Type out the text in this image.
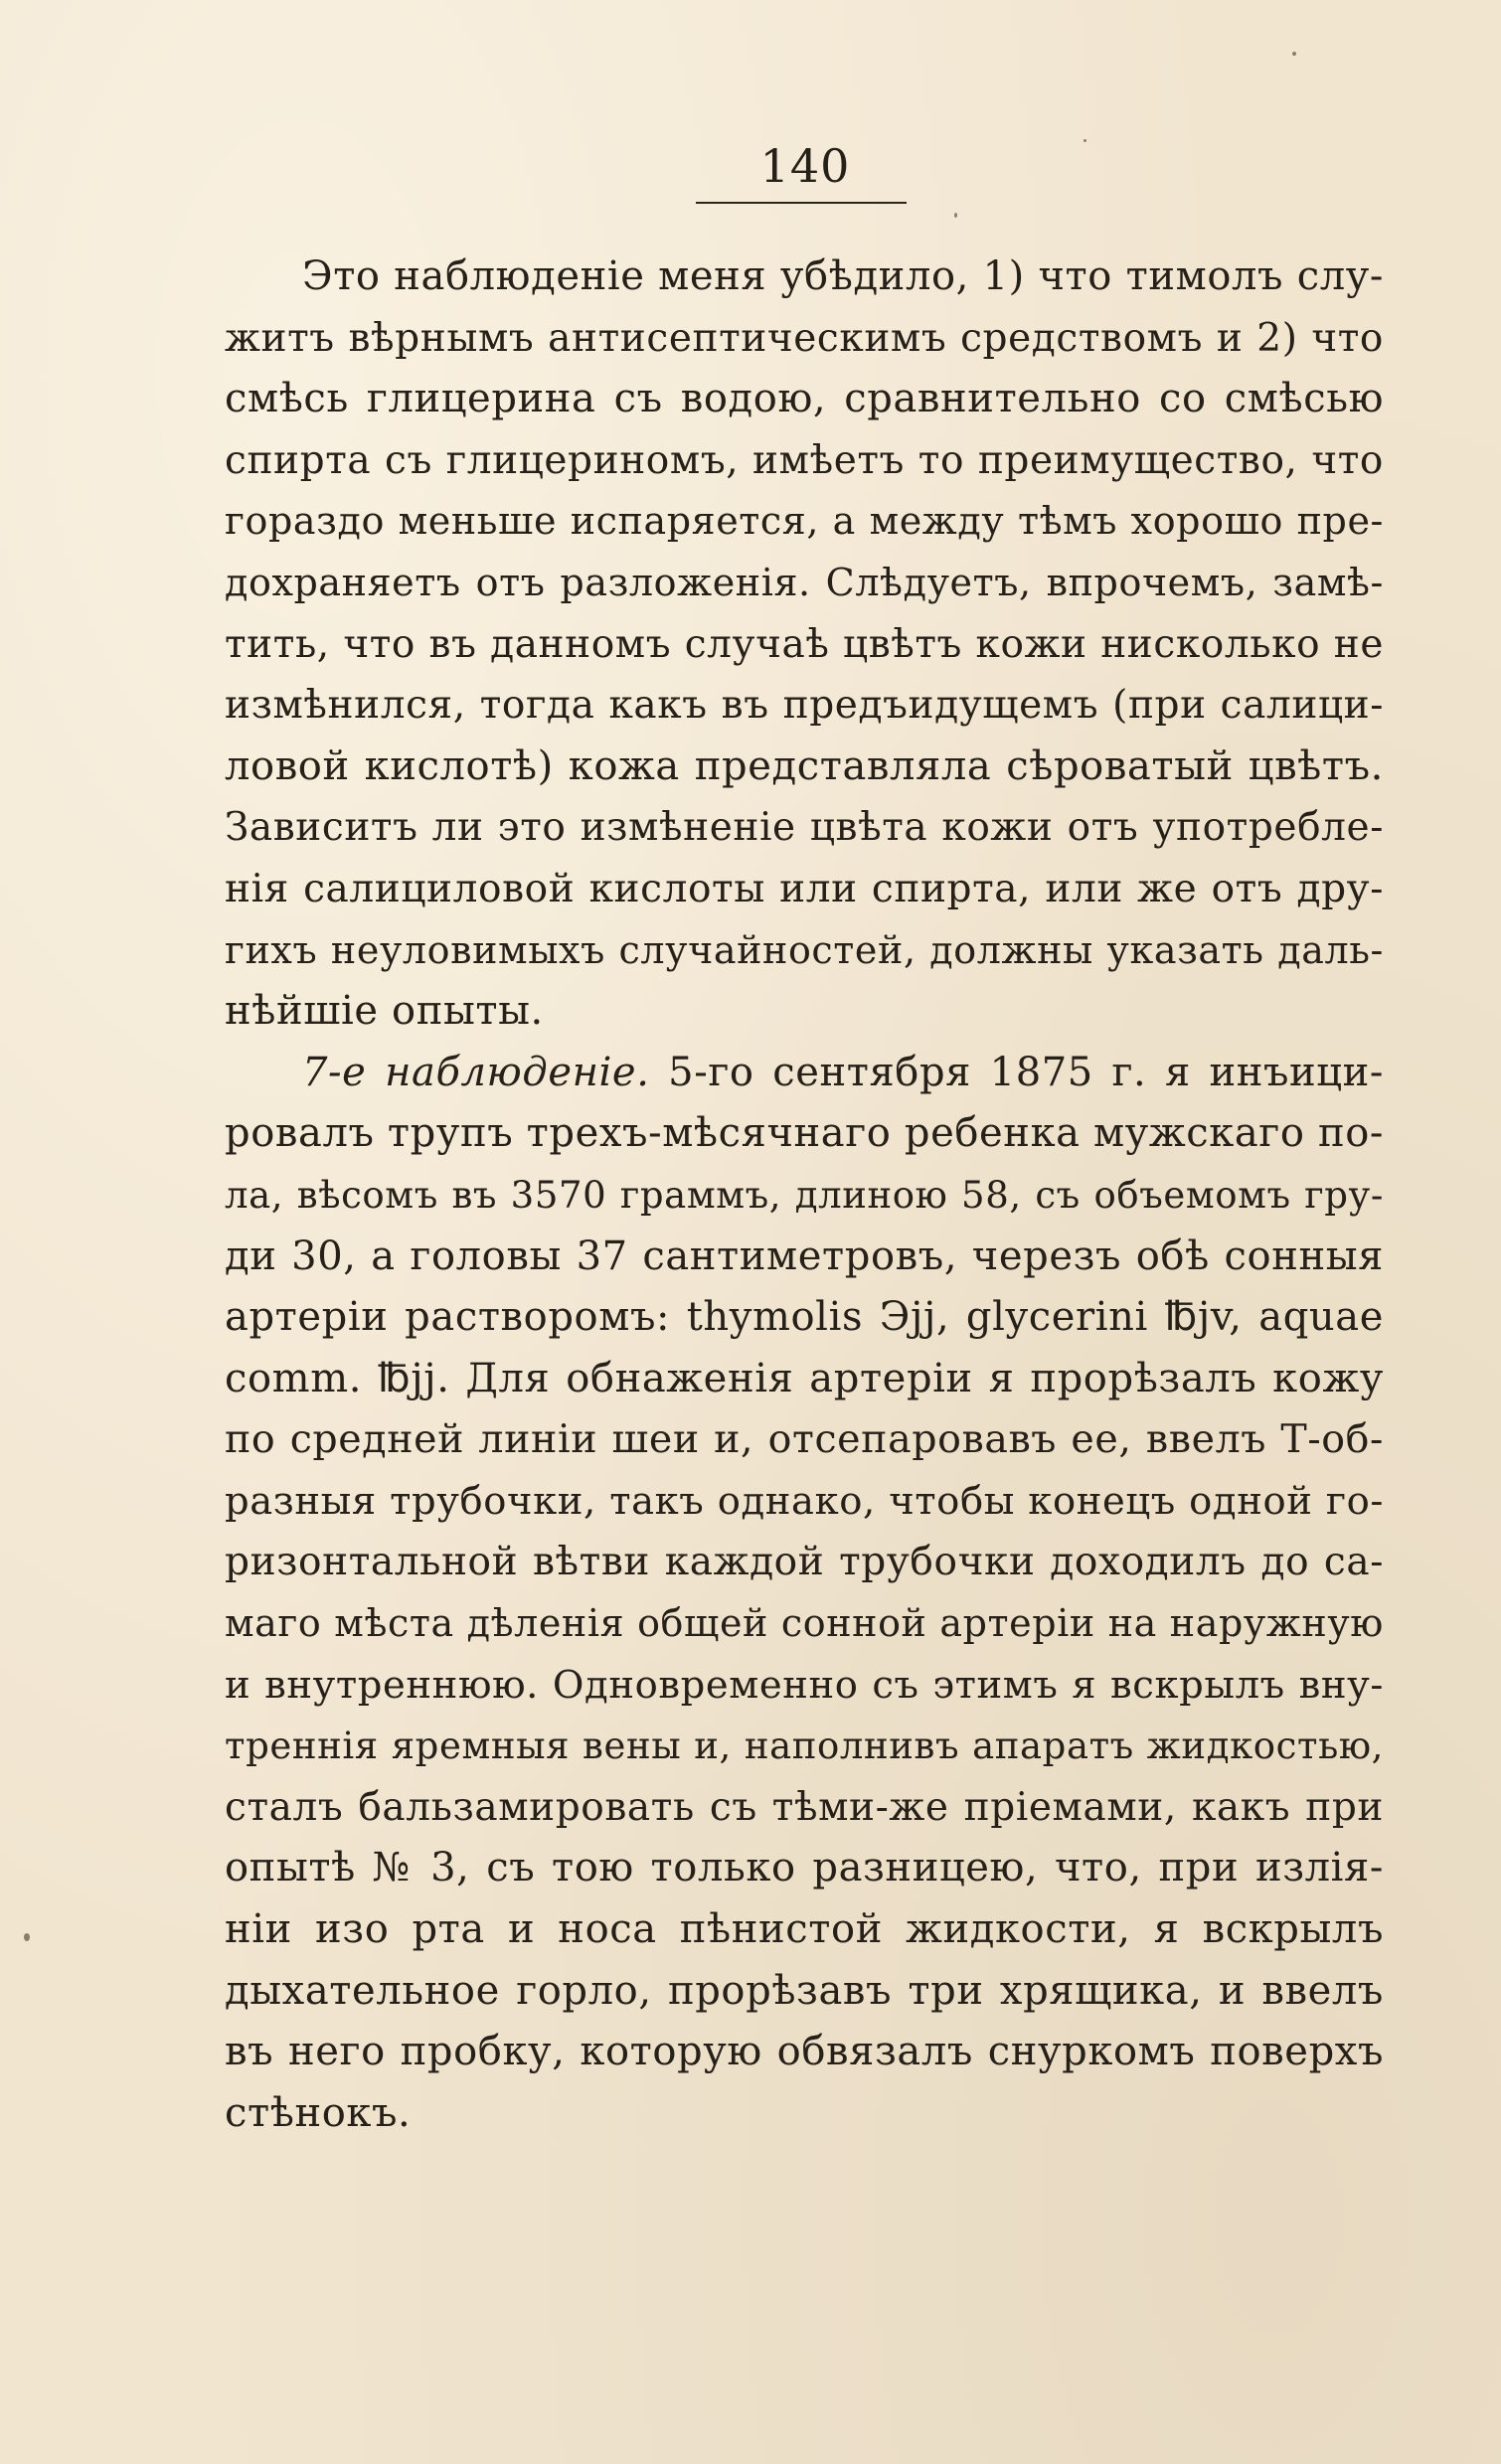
140
Это наблюденіе меня убѣдило, 1) что тимолъ слу-
житъ вѣрнымъ антисептическимъ средствомъ и 2) что
смѣсь глицерина съ водою, сравнительно со смѣсью
спирта съ глицериномъ, имѣетъ то преимущество, что
гораздо меньше испаряется, а между тѣмъ хорошо пре-
дохраняетъ отъ разложенія. Слѣдуетъ, впрочемъ, замѣ-
тить, что въ данномъ случаѣ цвѣтъ кожи нисколько не
измѣнился, тогда какъ въ предъидущемъ (при салици-
ловой кислотѣ) кожа представляла сѣроватый цвѣтъ.
Зависитъ ли это измѣненіе цвѣта кожи отъ употребле-
нія салициловой кислоты или спирта, или же отъ дру-
гихъ неуловимыхъ случайностей, должны указать даль-
нѣйшіе опыты.
7-е наблюденіе. 5-го сентября 1875 г. я инъици-
ровалъ трупъ трехъ-мѣсячнаго ребенка мужскаго по-
ла, вѣсомъ въ 3570 граммъ, длиною 58, съ объемомъ гру-
ди 30, а головы 37 сантиметровъ, черезъ обѣ сонныя
артеріи растворомъ: thymolis Эjj, glycerini ℔jv, aquae
comm. ℔jj. Для обнаженія артеріи я прорѣзалъ кожу
по средней линіи шеи и, отсепаровавъ ее, ввелъ Т-об-
разныя трубочки, такъ однако, чтобы конецъ одной го-
ризонтальной вѣтви каждой трубочки доходилъ до са-
маго мѣста дѣленія общей сонной артеріи на наружную
и внутреннюю. Одновременно съ этимъ я вскрылъ вну-
треннія яремныя вены и, наполнивъ апаратъ жидкостью,
сталъ бальзамировать съ тѣми-же пріемами, какъ при
опытѣ № 3, съ тою только разницею, что, при излія-
ніи изо рта и носа пѣнистой жидкости, я вскрылъ
дыхательное горло, прорѣзавъ три хрящика, и ввелъ
въ него пробку, которую обвязалъ снуркомъ поверхъ
стѣнокъ.
